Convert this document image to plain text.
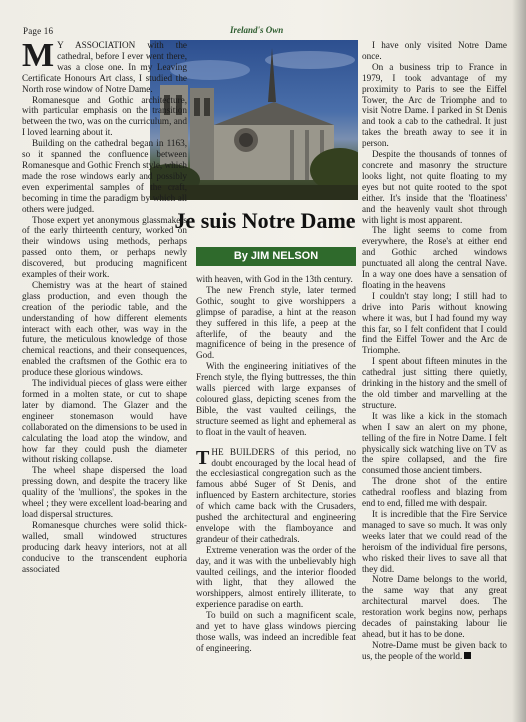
Page 16	Ireland's Own
Je suis Notre Dame
By JIM NELSON

M Y ASSOCIATION with the cathedral, before I ever went there, was a close one. In my Leaving Certificate Honours Art class, I studied the North rose window of Notre Dame.

Romanesque and Gothic architecture, with particular emphasis on the transition between the two, was on the curriculum, and I loved learning about it.

Building on the cathedral began in 1163, so it spanned the confluence between Romanesque and Gothic French style, which made the rose windows early and possibly even experimental samples of the craft, becoming in time the paradigm by which all others were judged.

Those expert yet anonymous glassmakers of the early thirteenth century, worked on their windows using methods, perhaps passed onto them, or perhaps newly discovered, but producing magnificent examples of their work.

Chemistry was at the heart of stained glass production, and even though the creation of the periodic table, and the understanding of how different elements interact with each other, was way in the future, the meticulous knowledge of those chemical reactions, and their consequences, enabled the craftsmen of the Gothic era to produce these glorious windows.

The individual pieces of glass were either formed in a molten state, or cut to shape later by diamond. The Glazer and the engineer stonemason would have collaborated on the dimensions to be used in calculating the load atop the window, and how far they could push the diameter without risking collapse.

The wheel shape dispersed the load pressing down, and despite the tracery like quality of the 'mullions', the spokes in the wheel ; they were excellent load-bearing and load dispersal structures.

Romanesque churches were solid thick-walled, small windowed structures producing dark heavy interiors, not at all conducive to the transcendent euphoria associated

with heaven, with God in the 13th century.

The new French style, later termed Gothic, sought to give worshippers a glimpse of paradise, a hint at the reason they suffered in this life, a peep at the afterlife, of the beauty and the magnificence of being in the presence of God.

With the engineering initiatives of the French style, the flying buttresses, the thin walls pierced with large expanses of coloured glass, depicting scenes from the Bible, the vast vaulted ceilings, the structure seemed as light and ephemeral as to float in the vault of heaven.

THE BUILDERS of this period, no doubt encouraged by the local head of the ecclesiastical congregation such as the famous abbé Suger of St Denis, and influenced by Eastern architecture, stories of which came back with the Crusaders, pushed the architectural and engineering envelope with the flamboyance and grandeur of their cathedrals.

Extreme veneration was the order of the day, and it was with the unbelievably high vaulted ceilings, and the interior flooded with light, that they allowed the worshippers, almost entirely illiterate, to experience paradise on earth.

To build on such a magnificent scale, and yet to have glass windows piercing those walls, was indeed an incredible feat of engineering.

I have only visited Notre Dame once.

On a business trip to France in 1979, I took advantage of my proximity to Paris to see the Eiffel Tower, the Arc de Triomphe and to visit Notre Dame. I parked in St Denis and took a cab to the cathedral. It just takes the breath away to see it in person.

Despite the thousands of tonnes of concrete and masonry the structure looks light, not quite floating to my eyes but not quite rooted to the spot either. It's inside that the 'floatiness' and the heavenly vault shot through with light is most apparent.

The light seems to come from everywhere, the Rose's at either end and Gothic arched windows punctuated all along the central Nave. In a way one does have a sensation of floating in the heavens

I couldn't stay long; I still had to drive into Paris without knowing where it was, but I had found my way this far, so I felt confident that I could find the Eiffel Tower and the Arc de Triomphe.

I spent about fifteen minutes in the cathedral just sitting there quietly, drinking in the history and the smell of the old timber and marvelling at the structure.

It was like a kick in the stomach when I saw an alert on my phone, telling of the fire in Notre Dame. I felt physically sick watching live on TV as the spire collapsed, and the fire consumed those ancient timbers.

The drone shot of the entire cathedral roofless and blazing from end to end, filled me with despair.

It is incredible that the Fire Service managed to save so much. It was only weeks later that we could read of the heroism of the individual fire persons, who risked their lives to save all that they did.

Notre Dame belongs to the world, the same way that any great architectural marvel does. The restoration work begins now, perhaps decades of painstaking labour lie ahead, but it has to be done.

Notre-Dame must be given back to us, the people of the world.
